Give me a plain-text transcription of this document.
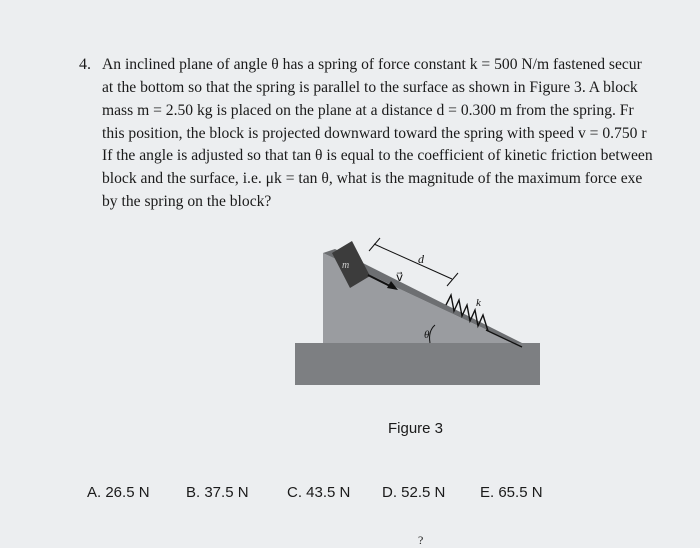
4. An inclined plane of angle θ has a spring of force constant k = 500 N/m fastened secur
at the bottom so that the spring is parallel to the surface as shown in Figure 3. A block
mass m = 2.50 kg is placed on the plane at a distance d = 0.300 m from the spring. Fr
this position, the block is projected downward toward the spring with speed v = 0.750 r
If the angle is adjusted so that tan θ is equal to the coefficient of kinetic friction between
block and the surface, i.e. μk = tan θ, what is the magnitude of the maximum force exe
by the spring on the block?
m
v⃗
d
k
θ
Figure 3
A. 26.5 N B. 37.5 N	C. 43.5 N D. 52.5 N E. 65.5 N
?
